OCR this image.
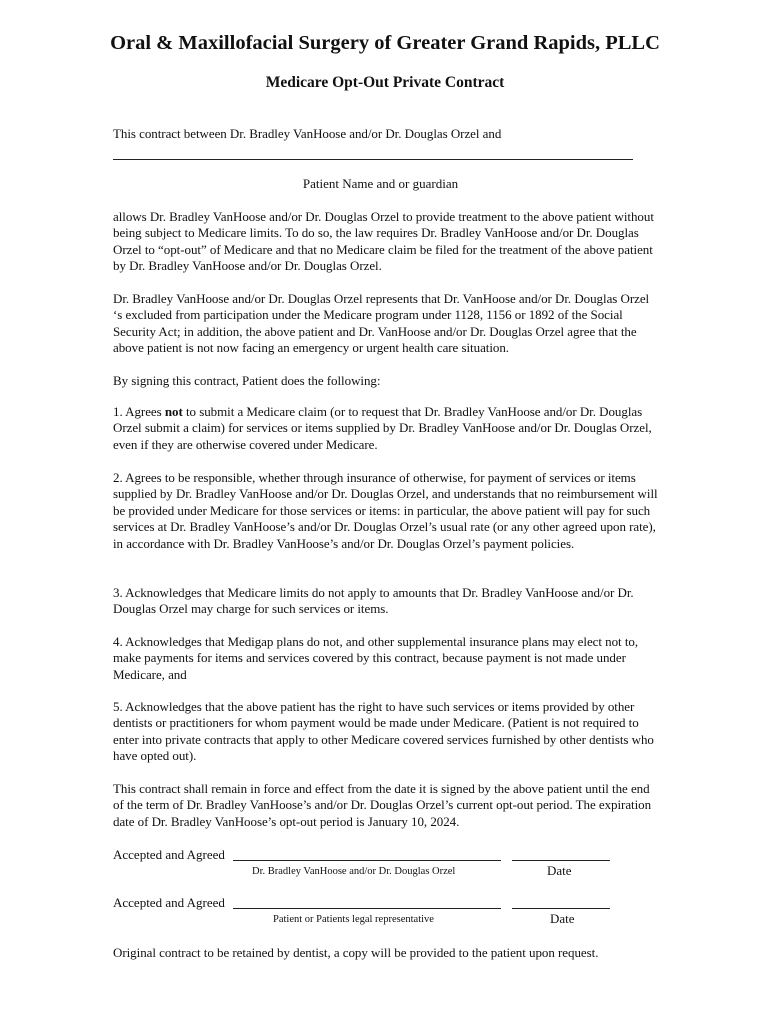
Oral & Maxillofacial Surgery of Greater Grand Rapids, PLLC
Medicare Opt-Out Private Contract

This contract between Dr. Bradley VanHoose and/or Dr. Douglas Orzel and

Patient Name and or guardian

allows Dr. Bradley VanHoose and/or Dr. Douglas Orzel to provide treatment to the above patient without being subject to Medicare limits. To do so, the law requires Dr. Bradley VanHoose and/or Dr. Douglas Orzel to “opt-out” of Medicare and that no Medicare claim be filed for the treatment of the above patient by Dr. Bradley VanHoose and/or Dr. Douglas Orzel.

Dr. Bradley VanHoose and/or Dr. Douglas Orzel represents that Dr. VanHoose and/or Dr. Douglas Orzel ‘s excluded from participation under the Medicare program under 1128, 1156 or 1892 of the Social Security Act; in addition, the above patient and Dr. VanHoose and/or Dr. Douglas Orzel agree that the above patient is not now facing an emergency or urgent health care situation.

By signing this contract, Patient does the following:

1. Agrees not to submit a Medicare claim (or to request that Dr. Bradley VanHoose and/or Dr. Douglas Orzel submit a claim) for services or items supplied by Dr. Bradley VanHoose and/or Dr. Douglas Orzel, even if they are otherwise covered under Medicare.

2. Agrees to be responsible, whether through insurance of otherwise, for payment of services or items supplied by Dr. Bradley VanHoose and/or Dr. Douglas Orzel, and understands that no reimbursement will be provided under Medicare for those services or items: in particular, the above patient will pay for such services at Dr. Bradley VanHoose’s and/or Dr. Douglas Orzel’s usual rate (or any other agreed upon rate), in accordance with Dr. Bradley VanHoose’s and/or Dr. Douglas Orzel’s payment policies.

3. Acknowledges that Medicare limits do not apply to amounts that Dr. Bradley VanHoose and/or Dr. Douglas Orzel may charge for such services or items.

4. Acknowledges that Medigap plans do not, and other supplemental insurance plans may elect not to, make payments for items and services covered by this contract, because payment is not made under Medicare, and

5. Acknowledges that the above patient has the right to have such services or items provided by other dentists or practitioners for whom payment would be made under Medicare. (Patient is not required to enter into private contracts that apply to other Medicare covered services furnished by other dentists who have opted out).

This contract shall remain in force and effect from the date it is signed by the above patient until the end of the term of Dr. Bradley VanHoose’s and/or Dr. Douglas Orzel’s current opt-out period. The expiration date of Dr. Bradley VanHoose’s opt-out period is January 10, 2024.

Accepted and Agreed
Dr. Bradley VanHoose and/or Dr. Douglas Orzel	Date
Accepted and Agreed
Patient or Patients legal representative	Date

Original contract to be retained by dentist, a copy will be provided to the patient upon request.
